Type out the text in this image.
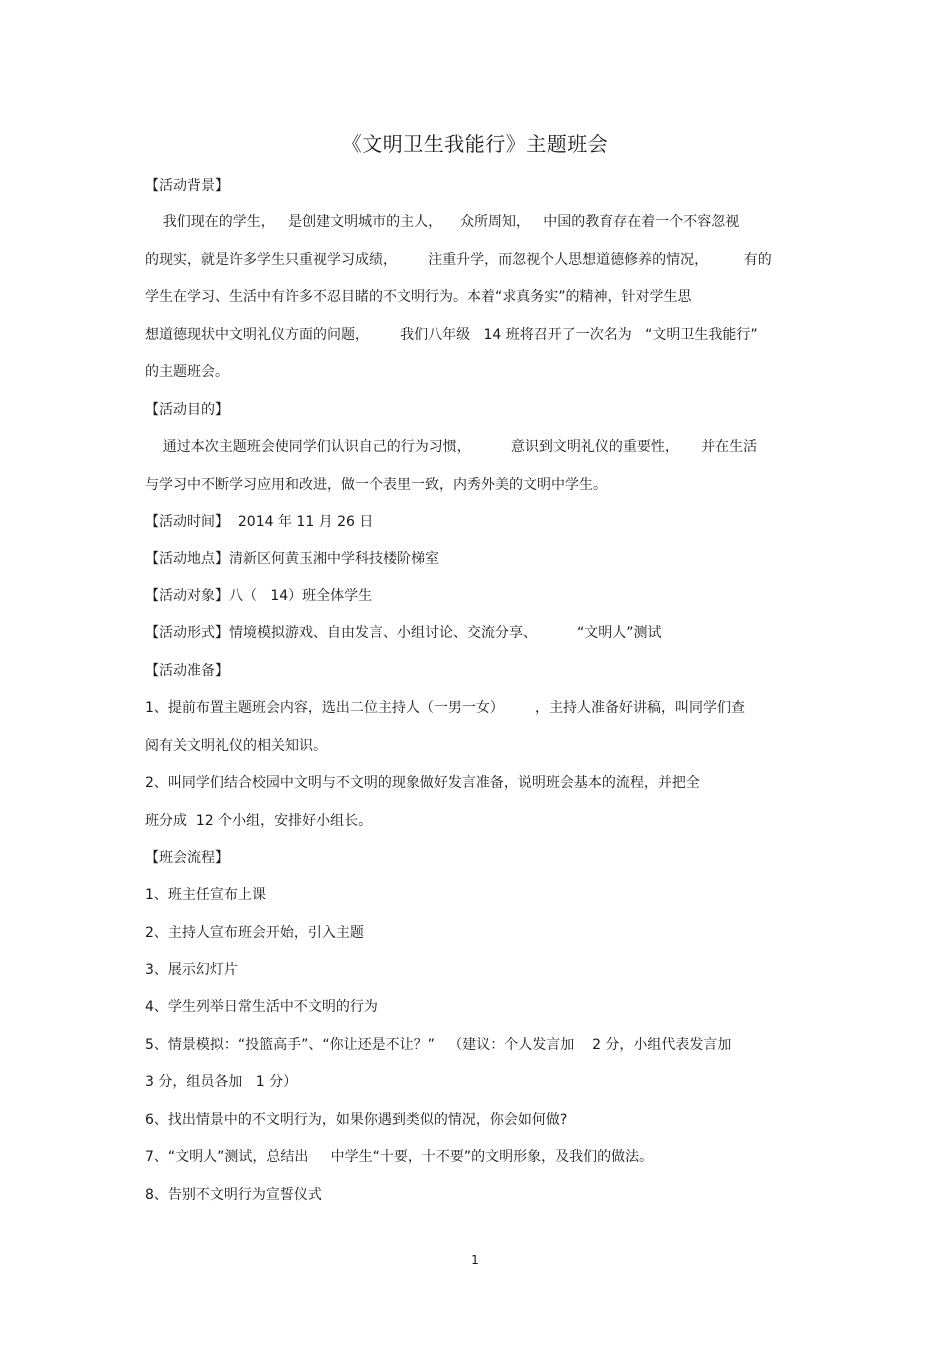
《文明卫生我能行》主题班会
【活动背景】
我们现在的学生，   是创建文明城市的主人，    众所周知，   中国的教育存在着一个不容忽视
的现实，就是许多学生只重视学习成绩，       注重升学，而忽视个人思想道德修养的情况，        有的
学生在学习、生活中有许多不忍目睹的不文明行为。本着“求真务实”的精神，针对学生思
想道德现状中文明礼仪方面的问题，       我们八年级   14 班将召开了一次名为   “文明卫生我能行”
的主题班会。
【活动目的】
通过本次主题班会使同学们认识自己的行为习惯，         意识到文明礼仪的重要性，     并在生活
与学习中不断学习应用和改进，做一个表里一致，内秀外美的文明中学生。
【活动时间】  2014 年 11 月 26 日
【活动地点】清新区何黄玉湘中学科技楼阶梯室
【活动对象】八（   14）班全体学生
【活动形式】情境模拟游戏、自由发言、小组讨论、交流分享、         “文明人”测试
【活动准备】
1、提前布置主题班会内容，选出二位主持人（一男一女）       ，主持人准备好讲稿，叫同学们查
阅有关文明礼仪的相关知识。
2、叫同学们结合校园中文明与不文明的现象做好发言准备，说明班会基本的流程，并把全
班分成  12 个小组，安排好小组长。
【班会流程】
1、班主任宣布上课
2、主持人宣布班会开始，引入主题
3、展示幻灯片
4、学生列举日常生活中不文明的行为
5、情景模拟：“投篮高手”、“你让还是不让？”   （建议：个人发言加    2 分，小组代表发言加
3 分，组员各加   1 分）
6、找出情景中的不文明行为，如果你遇到类似的情况，你会如何做?
7、“文明人”测试，总结出     中学生“十要，十不要”的文明形象，及我们的做法。
8、告别不文明行为宣誓仪式
1
